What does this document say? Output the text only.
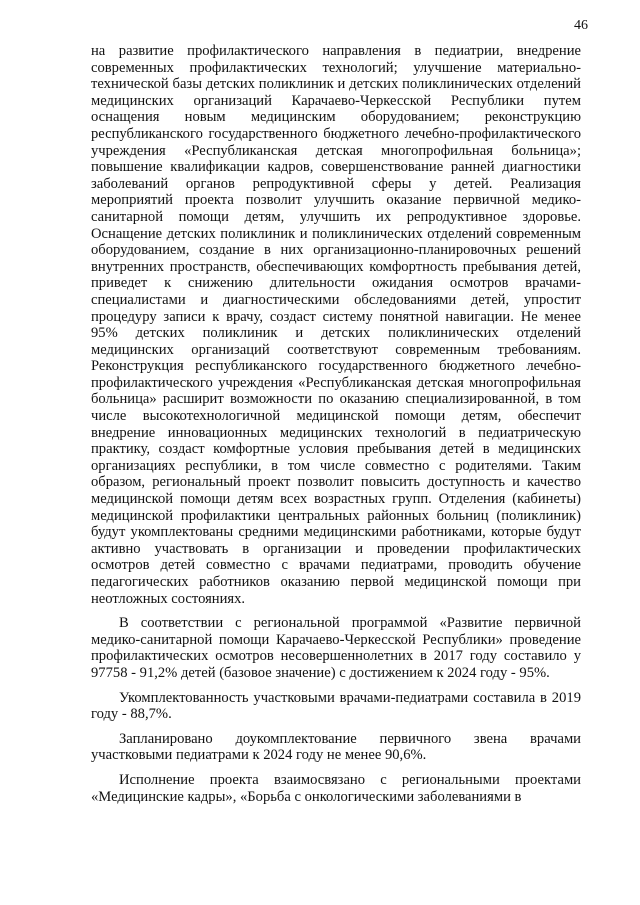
46

на развитие профилактического направления в педиатрии, внедрение современных профилактических технологий; улучшение материально-технической базы детских поликлиник и детских поликлинических отделений медицинских организаций Карачаево-Черкесской Республики путем оснащения новым медицинским оборудованием; реконструкцию республиканского государственного бюджетного лечебно-профилактического учреждения «Республиканская детская многопрофильная больница»; повышение квалификации кадров, совершенствование ранней диагностики заболеваний органов репродуктивной сферы у детей. Реализация мероприятий проекта позволит улучшить оказание первичной медико-санитарной помощи детям, улучшить их репродуктивное здоровье. Оснащение детских поликлиник и поликлинических отделений современным оборудованием, создание в них организационно-планировочных решений внутренних пространств, обеспечивающих комфортность пребывания детей, приведет к снижению длительности ожидания осмотров врачами-специалистами и диагностическими обследованиями детей, упростит процедуру записи к врачу, создаст систему понятной навигации. Не менее 95% детских поликлиник и детских поликлинических отделений медицинских организаций соответствуют современным требованиям. Реконструкция республиканского государственного бюджетного лечебно-профилактического учреждения «Республиканская детская многопрофильная больница» расширит возможности по оказанию специализированной, в том числе высокотехнологичной медицинской помощи детям, обеспечит внедрение инновационных медицинских технологий в педиатрическую практику, создаст комфортные условия пребывания детей в медицинских организациях республики, в том числе совместно с родителями. Таким образом, региональный проект позволит повысить доступность и качество медицинской помощи детям всех возрастных групп. Отделения (кабинеты) медицинской профилактики центральных районных больниц (поликлиник) будут укомплектованы средними медицинскими работниками, которые будут активно участвовать в организации и проведении профилактических осмотров детей совместно с врачами педиатрами, проводить обучение педагогических работников оказанию первой медицинской помощи при неотложных состояниях.

В соответствии с региональной программой «Развитие первичной медико-санитарной помощи Карачаево-Черкесской Республики» проведение профилактических осмотров несовершеннолетних в 2017 году составило у 97758 - 91,2% детей (базовое значение) с достижением к 2024 году - 95%.

Укомплектованность участковыми врачами-педиатрами составила в 2019 году - 88,7%.

Запланировано доукомплектование первичного звена врачами участковыми педиатрами к 2024 году не менее 90,6%.

Исполнение проекта взаимосвязано с региональными проектами «Медицинские кадры», «Борьба с онкологическими заболеваниями в
